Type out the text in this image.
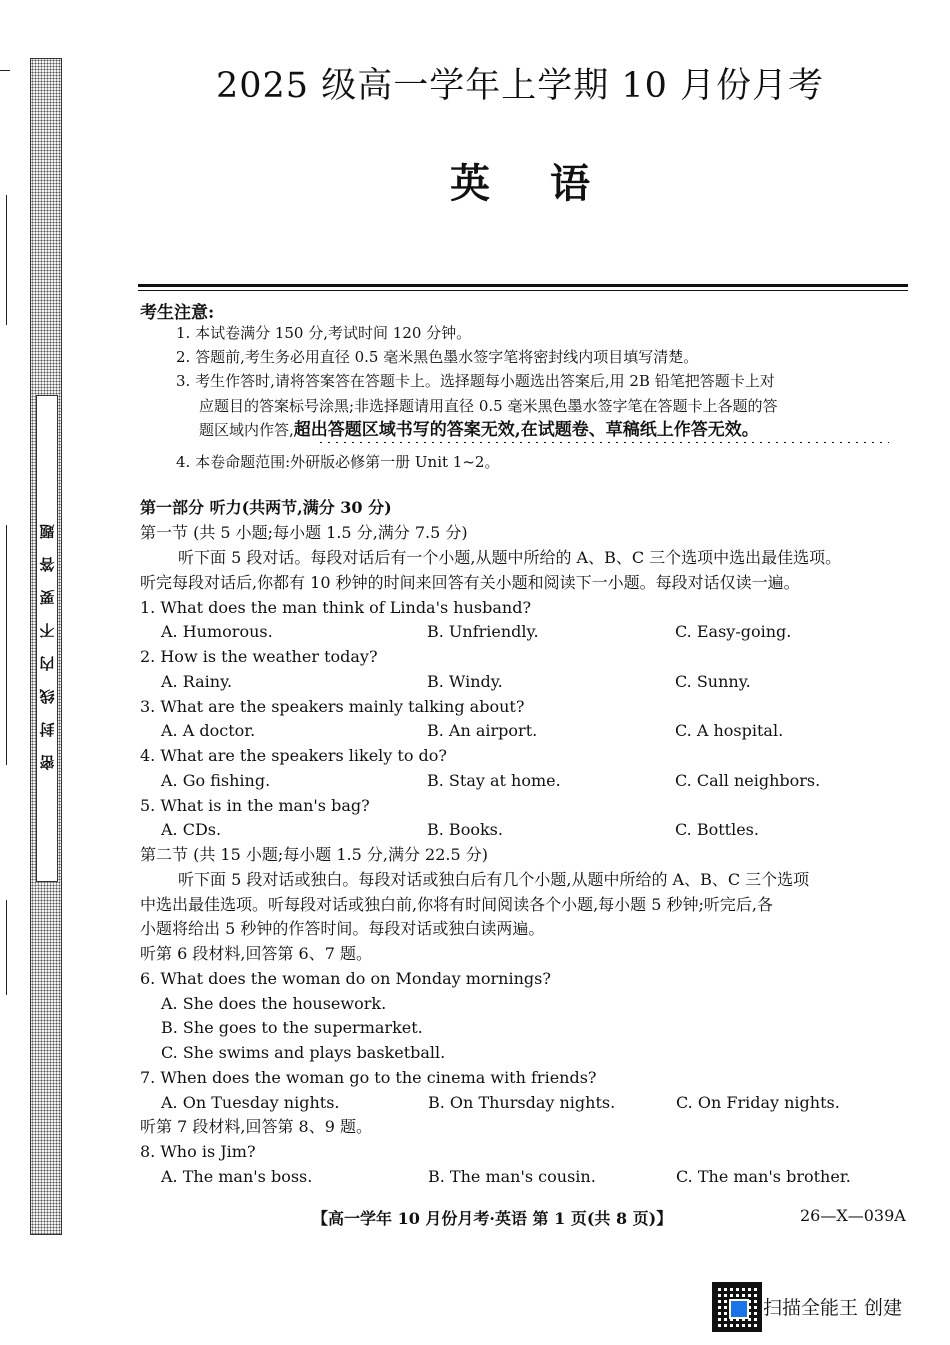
密封线内不要答题
2025 级高一学年上学期 10 月份月考
英语
考生注意:
1. 本试卷满分 150 分,考试时间 120 分钟。
2. 答题前,考生务必用直径 0.5 毫米黑色墨水签字笔将密封线内项目填写清楚。
3. 考生作答时,请将答案答在答题卡上。选择题每小题选出答案后,用 2B 铅笔把答题卡上对
应题目的答案标号涂黑;非选择题请用直径 0.5 毫米黑色墨水签字笔在答题卡上各题的答
题区域内作答,超出答题区域书写的答案无效,在试题卷、草稿纸上作答无效。
4. 本卷命题范围:外研版必修第一册 Unit 1~2。
第一部分 听力(共两节,满分 30 分)
第一节 (共 5 小题;每小题 1.5 分,满分 7.5 分)
听下面 5 段对话。每段对话后有一个小题,从题中所给的 A、B、C 三个选项中选出最佳选项。
听完每段对话后,你都有 10 秒钟的时间来回答有关小题和阅读下一小题。每段对话仅读一遍。
1. What does the man think of Linda's husband?
A. Humorous.	B. Unfriendly.	C. Easy-going.
2. How is the weather today?
A. Rainy.	B. Windy.	C. Sunny.
3. What are the speakers mainly talking about?
A. A doctor.	B. An airport.	C. A hospital.
4. What are the speakers likely to do?
A. Go fishing.	B. Stay at home.	C. Call neighbors.
5. What is in the man's bag?
A. CDs.	B. Books.	C. Bottles.
第二节 (共 15 小题;每小题 1.5 分,满分 22.5 分)
听下面 5 段对话或独白。每段对话或独白后有几个小题,从题中所给的 A、B、C 三个选项
中选出最佳选项。听每段对话或独白前,你将有时间阅读各个小题,每小题 5 秒钟;听完后,各
小题将给出 5 秒钟的作答时间。每段对话或独白读两遍。
听第 6 段材料,回答第 6、7 题。
6. What does the woman do on Monday mornings?
A. She does the housework.
B. She goes to the supermarket.
C. She swims and plays basketball.
7. When does the woman go to the cinema with friends?
A. On Tuesday nights.	B. On Thursday nights.	C. On Friday nights.
听第 7 段材料,回答第 8、9 题。
8. Who is Jim?
A. The man's boss.	B. The man's cousin.	C. The man's brother.
【高一学年 10 月份月考·英语 第 1 页(共 8 页)】	26—X—039A
扫描全能王 创建
